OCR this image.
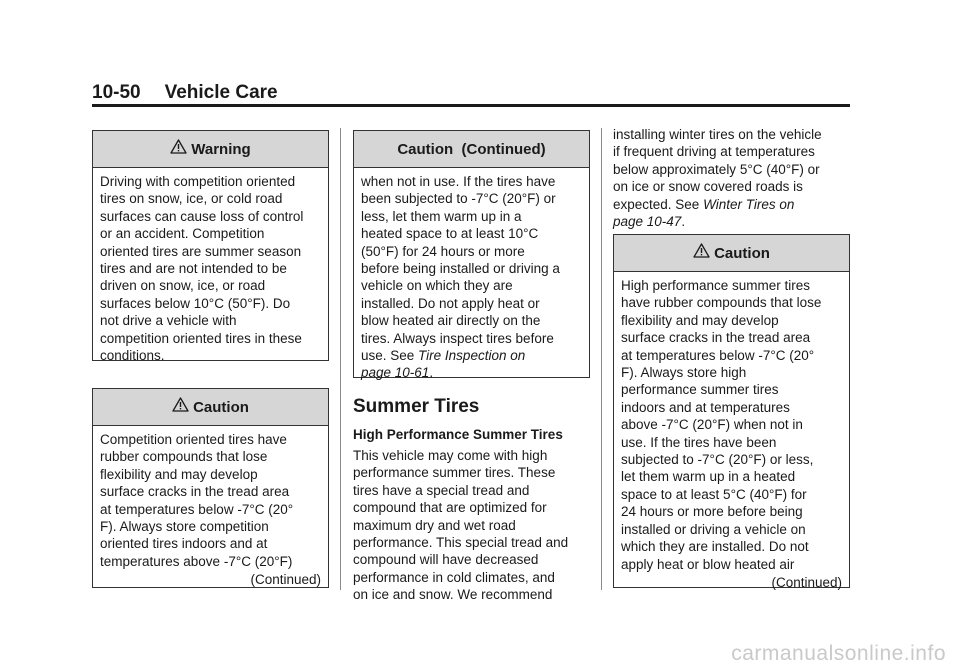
10-50 Vehicle Care
Warning
Driving with competition oriented
tires on snow, ice, or cold road
surfaces can cause loss of control
or an accident. Competition
oriented tires are summer season
tires and are not intended to be
driven on snow, ice, or road
surfaces below 10°C (50°F). Do
not drive a vehicle with
competition oriented tires in these
conditions.
Caution
Competition oriented tires have
rubber compounds that lose
flexibility and may develop
surface cracks in the tread area
at temperatures below -7°C (20°
F). Always store competition
oriented tires indoors and at
temperatures above -7°C (20°F)
(Continued)
Caution  (Continued)
when not in use. If the tires have
been subjected to -7°C (20°F) or
less, let them warm up in a
heated space to at least 10°C
(50°F) for 24 hours or more
before being installed or driving a
vehicle on which they are
installed. Do not apply heat or
blow heated air directly on the
tires. Always inspect tires before
use. See Tire Inspection on
page 10-61.
Summer Tires
High Performance Summer Tires
This vehicle may come with high
performance summer tires. These
tires have a special tread and
compound that are optimized for
maximum dry and wet road
performance. This special tread and
compound will have decreased
performance in cold climates, and
on ice and snow. We recommend
installing winter tires on the vehicle
if frequent driving at temperatures
below approximately 5°C (40°F) or
on ice or snow covered roads is
expected. See Winter Tires on
page 10-47.
Caution
High performance summer tires
have rubber compounds that lose
flexibility and may develop
surface cracks in the tread area
at temperatures below -7°C (20°
F). Always store high
performance summer tires
indoors and at temperatures
above -7°C (20°F) when not in
use. If the tires have been
subjected to -7°C (20°F) or less,
let them warm up in a heated
space to at least 5°C (40°F) for
24 hours or more before being
installed or driving a vehicle on
which they are installed. Do not
apply heat or blow heated air
(Continued)
carmanualsonline.info
